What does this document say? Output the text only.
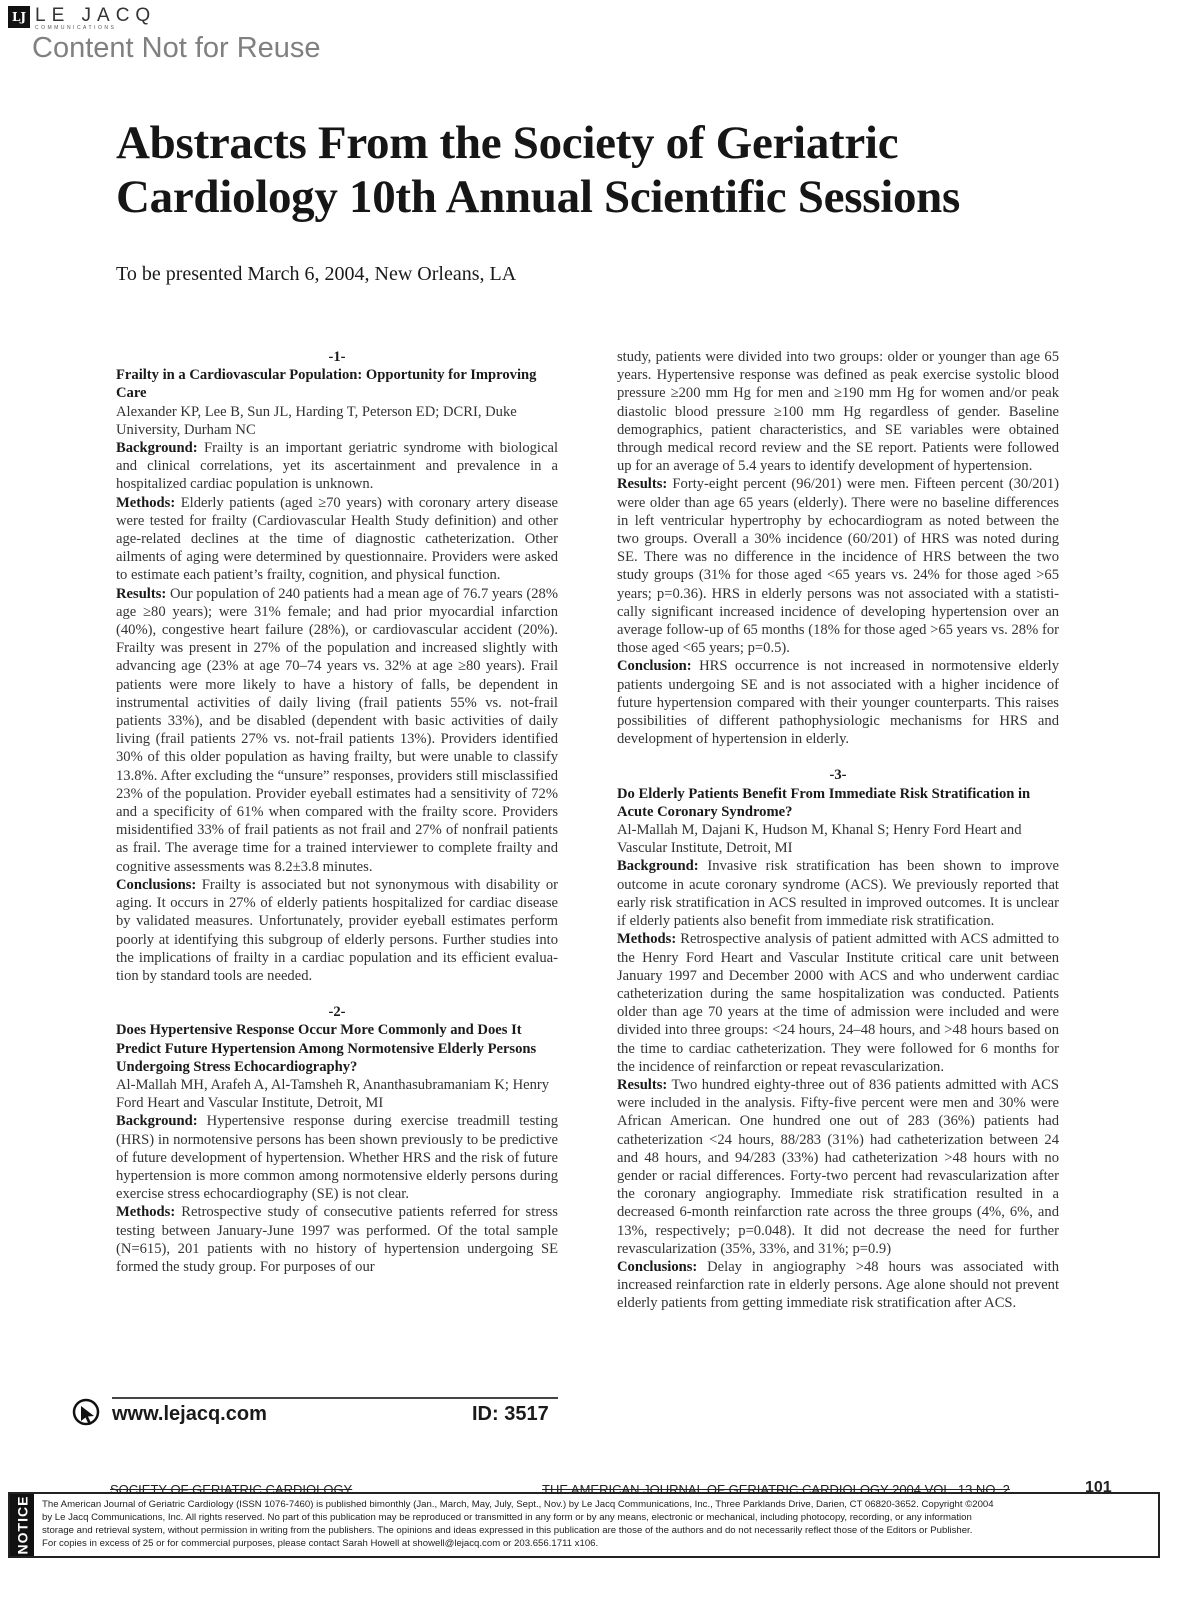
LJ LE JACQ
COMMUNICATIONS
Content Not for Reuse
Abstracts From the Society of Geriatric Cardiology 10th Annual Scientific Sessions
To be presented March 6, 2004, New Orleans, LA
-1-
Frailty in a Cardiovascular Population: Opportunity for Improving Care
Alexander KP, Lee B, Sun JL, Harding T, Peterson ED; DCRI, Duke University, Durham NC

Background: Frailty is an important geriatric syndrome with biological and clinical correlations, yet its ascertainment and prevalence in a hospitalized cardiac population is unknown.

Methods: Elderly patients (aged ≥70 years) with coronary artery disease were tested for frailty (Cardiovascular Health Study definition) and other age-related declines at the time of diagnostic catheterization. Other ailments of aging were determined by questionnaire. Providers were asked to estimate each patient’s frailty, cognition, and physical function.

Results: Our population of 240 patients had a mean age of 76.7 years (28% age ≥80 years); were 31% female; and had prior myocardial infarction (40%), congestive heart failure (28%), or cardiovascular accident (20%). Frailty was present in 27% of the population and increased slightly with advancing age (23% at age 70–74 years vs. 32% at age ≥80 years). Frail patients were more likely to have a history of falls, be dependent in instrumental activities of daily living (frail patients 55% vs. not-frail patients 33%), and be disabled (dependent with basic activities of daily living (frail patients 27% vs. not-frail patients 13%). Providers identified 30% of this older population as having frailty, but were unable to classify 13.8%. After excluding the “unsure” responses, providers still misclassified 23% of the population. Provider eyeball estimates had a sensitivity of 72% and a specificity of 61% when compared with the frailty score. Providers misidentified 33% of frail patients as not frail and 27% of nonfrail patients as frail. The average time for a trained interviewer to complete frailty and cognitive assessments was 8.2±3.8 minutes.

Conclusions: Frailty is associated but not synonymous with disability or aging. It occurs in 27% of elderly patients hospitalized for cardiac disease by validated measures. Unfortunately, provider eyeball estimates perform poorly at identifying this subgroup of elderly persons. Further studies into the implications of frailty in a cardiac population and its efficient evaluation by standard tools are needed.

-2-
Does Hypertensive Response Occur More Commonly and Does It Predict Future Hypertension Among Normotensive Elderly Persons Undergoing Stress Echocardiography?
Al-Mallah MH, Arafeh A, Al-Tamsheh R, Ananthasubramaniam K; Henry Ford Heart and Vascular Institute, Detroit, MI

Background: Hypertensive response during exercise treadmill testing (HRS) in normotensive persons has been shown previously to be predictive of future development of hypertension. Whether HRS and the risk of future hypertension is more common among normotensive elderly persons during exercise stress echocardiography (SE) is not clear.

Methods: Retrospective study of consecutive patients referred for stress testing between January-June 1997 was performed. Of the total sample (N=615), 201 patients with no history of hypertension undergoing SE formed the study group. For purposes of our

study, patients were divided into two groups: older or younger than age 65 years. Hypertensive response was defined as peak exercise systolic blood pressure ≥200 mm Hg for men and ≥190 mm Hg for women and/or peak diastolic blood pressure ≥100 mm Hg regardless of gender. Baseline demographics, patient characteristics, and SE variables were obtained through medical record review and the SE report. Patients were followed up for an average of 5.4 years to identify development of hypertension.

Results: Forty-eight percent (96/201) were men. Fifteen percent (30/201) were older than age 65 years (elderly). There were no baseline differences in left ventricular hypertrophy by echocardiogram as noted between the two groups. Overall a 30% incidence (60/201) of HRS was noted during SE. There was no difference in the incidence of HRS between the two study groups (31% for those aged <65 years vs. 24% for those aged >65 years; p=0.36). HRS in elderly persons was not associated with a statistically significant increased incidence of developing hypertension over an average follow-up of 65 months (18% for those aged >65 years vs. 28% for those aged <65 years; p=0.5).

Conclusion: HRS occurrence is not increased in normotensive elderly patients undergoing SE and is not associated with a higher incidence of future hypertension compared with their younger counterparts. This raises possibilities of different pathophysiologic mechanisms for HRS and development of hypertension in elderly.

-3-
Do Elderly Patients Benefit From Immediate Risk Stratification in Acute Coronary Syndrome?
Al-Mallah M, Dajani K, Hudson M, Khanal S; Henry Ford Heart and Vascular Institute, Detroit, MI

Background: Invasive risk stratification has been shown to improve outcome in acute coronary syndrome (ACS). We previously reported that early risk stratification in ACS resulted in improved outcomes. It is unclear if elderly patients also benefit from immediate risk stratification.

Methods: Retrospective analysis of patient admitted with ACS admitted to the Henry Ford Heart and Vascular Institute critical care unit between January 1997 and December 2000 with ACS and who underwent cardiac catheterization during the same hospitalization was conducted. Patients older than age 70 years at the time of admission were included and were divided into three groups: <24 hours, 24–48 hours, and >48 hours based on the time to cardiac catheterization. They were followed for 6 months for the incidence of reinfarction or repeat revascularization.

Results: Two hundred eighty-three out of 836 patients admitted with ACS were included in the analysis. Fifty-five percent were men and 30% were African American. One hundred one out of 283 (36%) patients had catheterization <24 hours, 88/283 (31%) had catheterization between 24 and 48 hours, and 94/283 (33%) had catheterization >48 hours with no gender or racial differences. Forty-two percent had revascularization after the coronary angiography. Immediate risk stratification resulted in a decreased 6-month reinfarction rate across the three groups (4%, 6%, and 13%, respectively; p=0.048). It did not decrease the need for further revascularization (35%, 33%, and 31%; p=0.9)

Conclusions: Delay in angiography >48 hours was associated with increased reinfarction rate in elderly persons. Age alone should not prevent elderly patients from getting immediate risk stratification after ACS.

www.lejacq.com	ID: 3517
SOCIETY OF GERIATRIC CARDIOLOGY	THE AMERICAN JOURNAL OF GERIATRIC CARDIOLOGY 2004 VOL. 13 NO. 2	101
NOTICE The American Journal of Geriatric Cardiology (ISSN 1076-7460) is published bimonthly (Jan., March, May, July, Sept., Nov.) by Le Jacq Communications, Inc., Three Parklands Drive, Darien, CT 06820-3652. Copyright ©2004
by Le Jacq Communications, Inc. All rights reserved. No part of this publication may be reproduced or transmitted in any form or by any means, electronic or mechanical, including photocopy, recording, or any information
storage and retrieval system, without permission in writing from the publishers. The opinions and ideas expressed in this publication are those of the authors and do not necessarily reflect those of the Editors or Publisher.
For copies in excess of 25 or for commercial purposes, please contact Sarah Howell at showell@lejacq.com or 203.656.1711 x106.
